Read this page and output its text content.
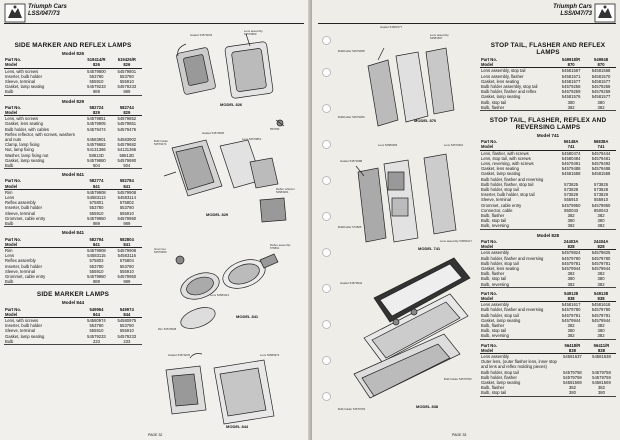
Triumph Cars
LSS/047/73
SIDE MARKER AND REFLEX LAMPS
Model 826
Part No.	519414/R	519426/R
Model	826	826
Lens, with screws	54579800	54579801
Inserter, bulb holder	553780	553780
Sleeve, terminal	555910	555910
Gasket, lamp seating	54579233	54579233
Bulb	989	989
Model 829
Part No.	582724	582744
Model	829	829
Lens, with screws	54579851	54579852
Gasket, lens seating	54579905	54579851
Bulb holder, with cables	54579474	54579476
Reflex reflector, with screws, washers		
and nuts	54583901	54583902
Clamp, lamp fixing	54579682	54579682
Nut, lamp fixing	54131366	54131366
Washer, lamp fixing nut	58813D	58813D
Gasket, lamp seating	54579880	54579880
Bulb	504	504
Model 841
Part No.	582774	582784
Model	841	841
Rim	54579908	54579908
Lens	54583113	54583114
Reflex assembly	575801	575802
Inserter, bulb holder	553780	553780
Sleeve, terminal	555910	555910
Grommet, cable entry	54579950	54579950
Bulb	989	989
Model 841
Part No.	582794	582804
Model	841	841
Rim	54579908	54579908
Lens	54583115	54583116
Reflex assembly	575803	575804
Inserter, bulb holder	553780	553780
Sleeve, terminal	555910	555910
Grommet, cable entry	54579950	54579950
Bulb	989	989
SIDE MARKER LAMPS
Model 844
Part No.	549964	549974
Model	844	844
Lens, with screws	54580974	54580975
Inserter, bulb holder	553780	553780
Sleeve, terminal	555910	555910
Gasket, lamp seating	54579233	54579233
Bulb	233	233
MODEL 826
MODEL 829
MODEL 841
MODEL 844
553780
Gasket 54579233
Lens assembly 54579800
Bulb holder 54579474
Gasket 54579905
Lens 54579851
Reflex reflector 54583901
Grommet 54579950
Reflex assembly 575801
Lens 54583113
Rim 54579908
Gasket 54579233	Lens 54580974
PAGE 32
Triumph Cars
LSS/047/73
MODEL 870
MODEL 741
MODEL 838
Gasket 54581577
Bulbholder 54579258
Lens assembly 54581567
Bulbholder 54579259
Lens 54580484
Gasket 54579488
Bulbholder 573825
Lens 54579491
Gasket 54579944
Lens assembly 54581617
Bulb holder 54579780
Bulb holder 54579781
STOP TAIL, FLASHER AND REFLEX LAMPS
Part No.	549918/R	549948
Model	870	870
Lens assembly, stop tail	54581567	54581568
Lens assembly, flasher	54581571	54581570
Gasket, lens seating	54581577	54581577
Bulb holder assembly, stop tail	54579258	54579258
Bulb holder, flasher and reflex	54579259	54579259
Gasket, lamp seating	54581576	54581577
Bulb, stop tail	380	380
Bulb, flasher	382	382
STOP TAIL, FLASHER, REFLEX AND REVERSING LAMPS
Model 741
Part No.	56148A	56838A
Model	741	741
Lens, flasher, with screws	54580474	54579444
Lens, stop tail, with screws	54580484	54579481
Lens, reversing, with screws	54579491	54579492
Gasket, lens seating	54579488	54579488
Gasket, lamp seating	54581558	54581558
Bulb holder, flasher and reversing		
Bulb holder, flasher, stop tail	573825	573825
Bulb holder, stop tail	573828	573828
Inserter, bulb holder, stop tail	573829	573829
Sleeve, terminal	555910	555910
Grommet, cable entry	54579950	54579950
Connector, cable	850043	850043
Bulb, flasher	382	382
Bulb, stop tail	380	380
Bulb, reversing	382	382
Model 828
Part No.	24403A	24404A
Model	828	828
Lens assembly	54579824	54579825
Bulb holder, flasher and reversing	54579780	54579780
Bulb holder, stop tail	54579781	54579781
Gasket, lens seating	54579944	54579944
Bulb, flasher	382	382
Bulb, stop tail	380	380
Bulb, reversing	382	382
Part No.	549128	549138
Model	838	838
Lens assembly	54581617	54581618
Bulb holder, flasher and reversing	54579780	54579780
Bulb holder, stop tail	54579781	54579781
Gasket, lamp seating	54579944	54579944
Bulb, flasher	382	382
Bulb, stop tail	380	380
Bulb, reversing	382	382
Part No.	56418/R	56411/R
Model	838	838
Lens assembly	54581637	54581638
Outer lens, (outer flasher lens, inner stop		
and lens and reflex molding pieces)		
Bulb holder, stop tail	54579758	54579758
Bulb holder, flasher	54579759	54579759
Gasket, lamp seating	54581569	54581569
Bulb, flasher	382	382
Bulb, stop tail	380	380
PAGE 33
